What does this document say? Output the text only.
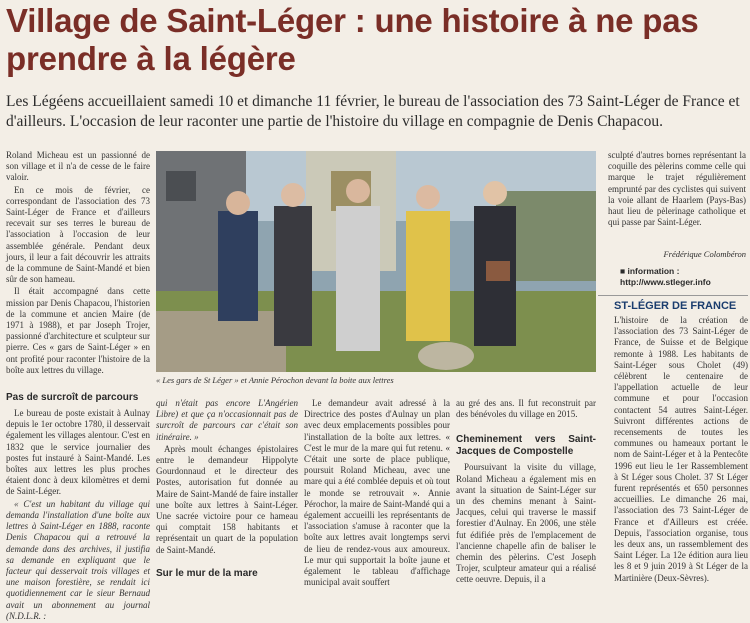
Village de Saint-Léger : une histoire à ne pas prendre à la légère
Les Légéens accueillaient samedi 10 et dimanche 11 février, le bureau de l'association des 73 Saint-Léger de France et d'ailleurs. L'occasion de leur raconter une partie de l'histoire du village en compagnie de Denis Chapacou.

Roland Micheau est un passionné de son village et il n'a de cesse de le faire valoir.

En ce mois de février, ce correspondant de l'association des 73 Saint-Léger de France et d'ailleurs recevait sur ses terres le bureau de l'association à l'occasion de leur assemblée générale. Pendant deux jours, il leur a fait découvrir les attraits de la commune de Saint-Mandé et bien sûr de son hameau.

Il était accompagné dans cette mission par Denis Chapacou, l'historien de la commune et ancien Maire (de 1971 à 1988), et par Joseph Trojer, passionné d'architecture et sculpteur sur pierre. Ces « gars de Saint-Léger » en ont profité pour raconter l'histoire de la boîte aux lettres du village.

Pas de surcroît de parcours

Le bureau de poste existait à Aulnay depuis le 1er octobre 1780, il desservait également les villages alentour. C'est en 1832 que le service journalier des postes fut instauré à Saint-Mandé. Les boîtes aux lettres les plus proches étaient donc à deux kilomètres et demi de Saint-Léger.

« C'est un habitant du village qui demanda l'installation d'une boîte aux lettres à Saint-Léger en 1888, raconte Denis Chapacou qui a retrouvé la demande dans des archives, il justifia sa demande en expliquant que le facteur qui desservait trois villages et une maison forestière, se rendait ici quotidiennement car le sieur Bernaud avait un abonnement au journal (N.D.L.R. :

« Les gars de St Léger » et Annie Pérochon devant la boite aux lettres

qui n'était pas encore L'Angérien Libre) et que ça n'occasionnait pas de surcroît de parcours car c'était son itinéraire. »

Après moult échanges épistolaires entre le demandeur Hippolyte Gourdonnaud et le directeur des Postes, autorisation fut donnée au Maire de Saint-Mandé de faire installer une boîte aux lettres à Saint-Léger. Une sacrée victoire pour ce hameau qui comptait 158 habitants et représentait un quart de la population de Saint-Mandé.

Sur le mur de la mare

Le demandeur avait adressé à la Directrice des postes d'Aulnay un plan avec deux emplacements possibles pour l'installation de la boîte aux lettres. « C'est le mur de la mare qui fut retenu. « C'était une sorte de place publique, poursuit Roland Micheau, avec une mare qui a été comblée depuis et où tout le monde se retrouvait ». Annie Pérochor, la maire de Saint-Mandé qui a également accueilli les représentants de l'association s'amuse à raconter que la boîte aux lettres avait longtemps servi de lieu de rendez-vous aux amoureux. Le mur qui supportait la boîte jaune et également le tableau d'affichage municipal avait souffert

au gré des ans. Il fut reconstruit par des bénévoles du village en 2015.

Cheminement vers Saint-Jacques de Compostelle

Poursuivant la visite du village, Roland Micheau a également mis en avant la situation de Saint-Léger sur un des chemins menant à Saint-Jacques, celui qui traverse le massif forestier d'Aulnay. En 2006, une stèle fut édifiée près de l'emplacement de l'ancienne chapelle afin de baliser le chemin des pèlerins. C'est Joseph Trojer, sculpteur amateur qui a réalisé cette oeuvre. Depuis, il a

sculpté d'autres bornes représentant la coquille des pèlerins comme celle qui marque le trajet régulièrement emprunté par des cyclistes qui suivent la voie allant de Haarlem (Pays-Bas) haut lieu de pèlerinage catholique et qui passe par Saint-Léger.

Frédérique Colombéron
■ information : http://www.stleger.info
ST-LÉGER DE FRANCE

L'histoire de la création de l'association des 73 Saint-Léger de France, de Suisse et de Belgique remonte à 1988. Les habitants de Saint-Léger sous Cholet (49) célèbrent le centenaire de l'appellation actuelle de leur commune et pour l'occasion contactent 54 autres Saint-Léger. Suivront différentes actions de recensements de toutes les communes ou hameaux portant le nom de Saint-Léger et à la Pentecôte 1996 eut lieu le 1er Rassemblement à St Léger sous Cholet. 37 St Léger furent représentés et 650 personnes accueillies. Le dimanche 26 mai, l'association des 73 Saint-Léger de France et d'Ailleurs est créée. Depuis, l'association organise, tous les deux ans, un rassemblement des Saint Léger. La 12e édition aura lieu les 8 et 9 juin 2019 à St Léger de la Martinière (Deux-Sèvres).
